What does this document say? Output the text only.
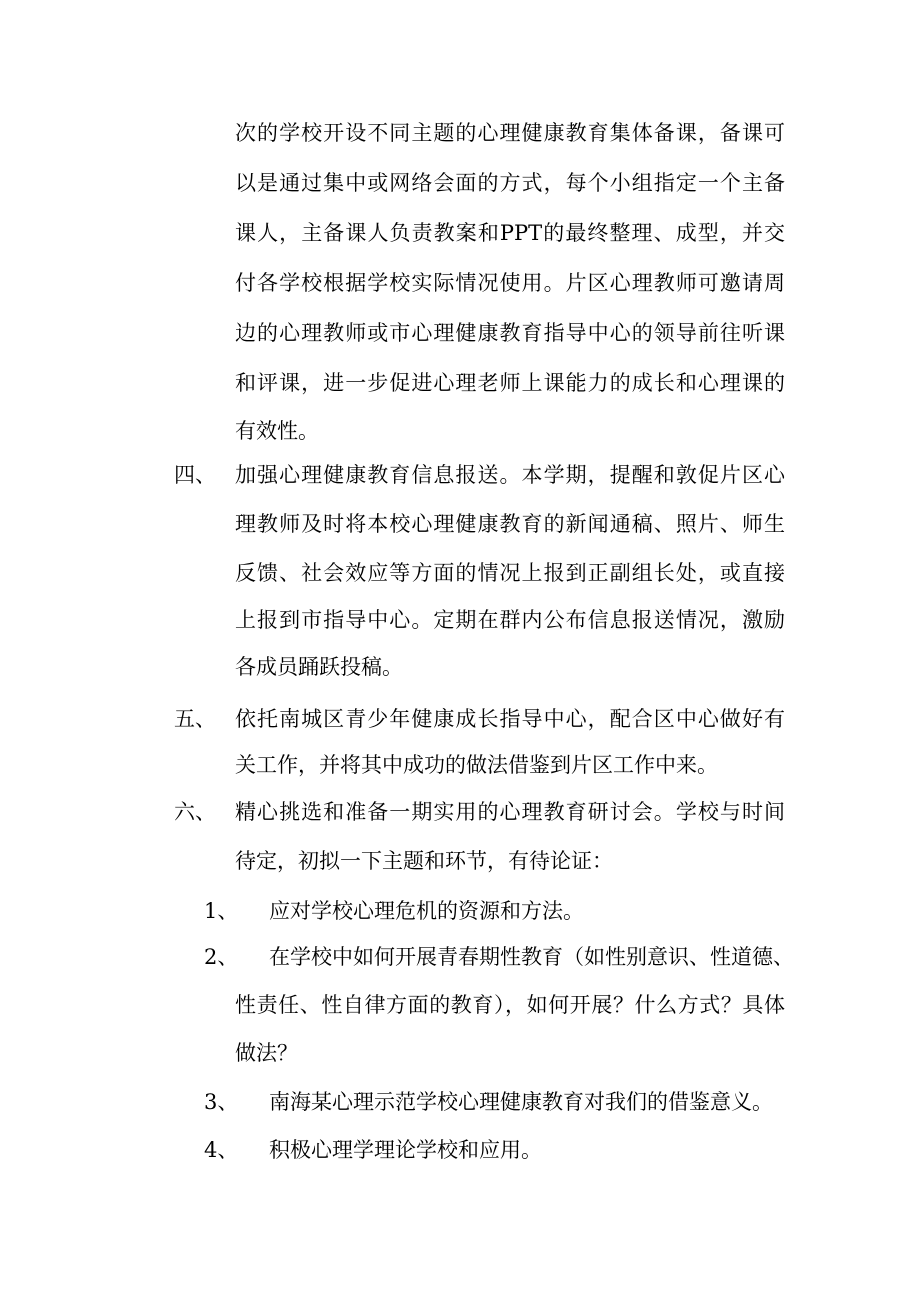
次的学校开设不同主题的心理健康教育集体备课，备课可
以是通过集中或网络会面的方式，每个小组指定一个主备
课人，主备课人负责教案和PPT的最终整理、成型，并交
付各学校根据学校实际情况使用。片区心理教师可邀请周
边的心理教师或市心理健康教育指导中心的领导前往听课
和评课，进一步促进心理老师上课能力的成长和心理课的
有效性。
四、 加强心理健康教育信息报送。本学期，提醒和敦促片区心
理教师及时将本校心理健康教育的新闻通稿、照片、师生
反馈、社会效应等方面的情况上报到正副组长处，或直接
上报到市指导中心。定期在群内公布信息报送情况，激励
各成员踊跃投稿。
五、 依托南城区青少年健康成长指导中心，配合区中心做好有
关工作，并将其中成功的做法借鉴到片区工作中来。
六、 精心挑选和准备一期实用的心理教育研讨会。学校与时间
待定，初拟一下主题和环节，有待论证：
1、 应对学校心理危机的资源和方法。
2、 在学校中如何开展青春期性教育（如性别意识、性道德、
性责任、性自律方面的教育），如何开展？什么方式？具体
做法？
3、 南海某心理示范学校心理健康教育对我们的借鉴意义。
4、 积极心理学理论学校和应用。
